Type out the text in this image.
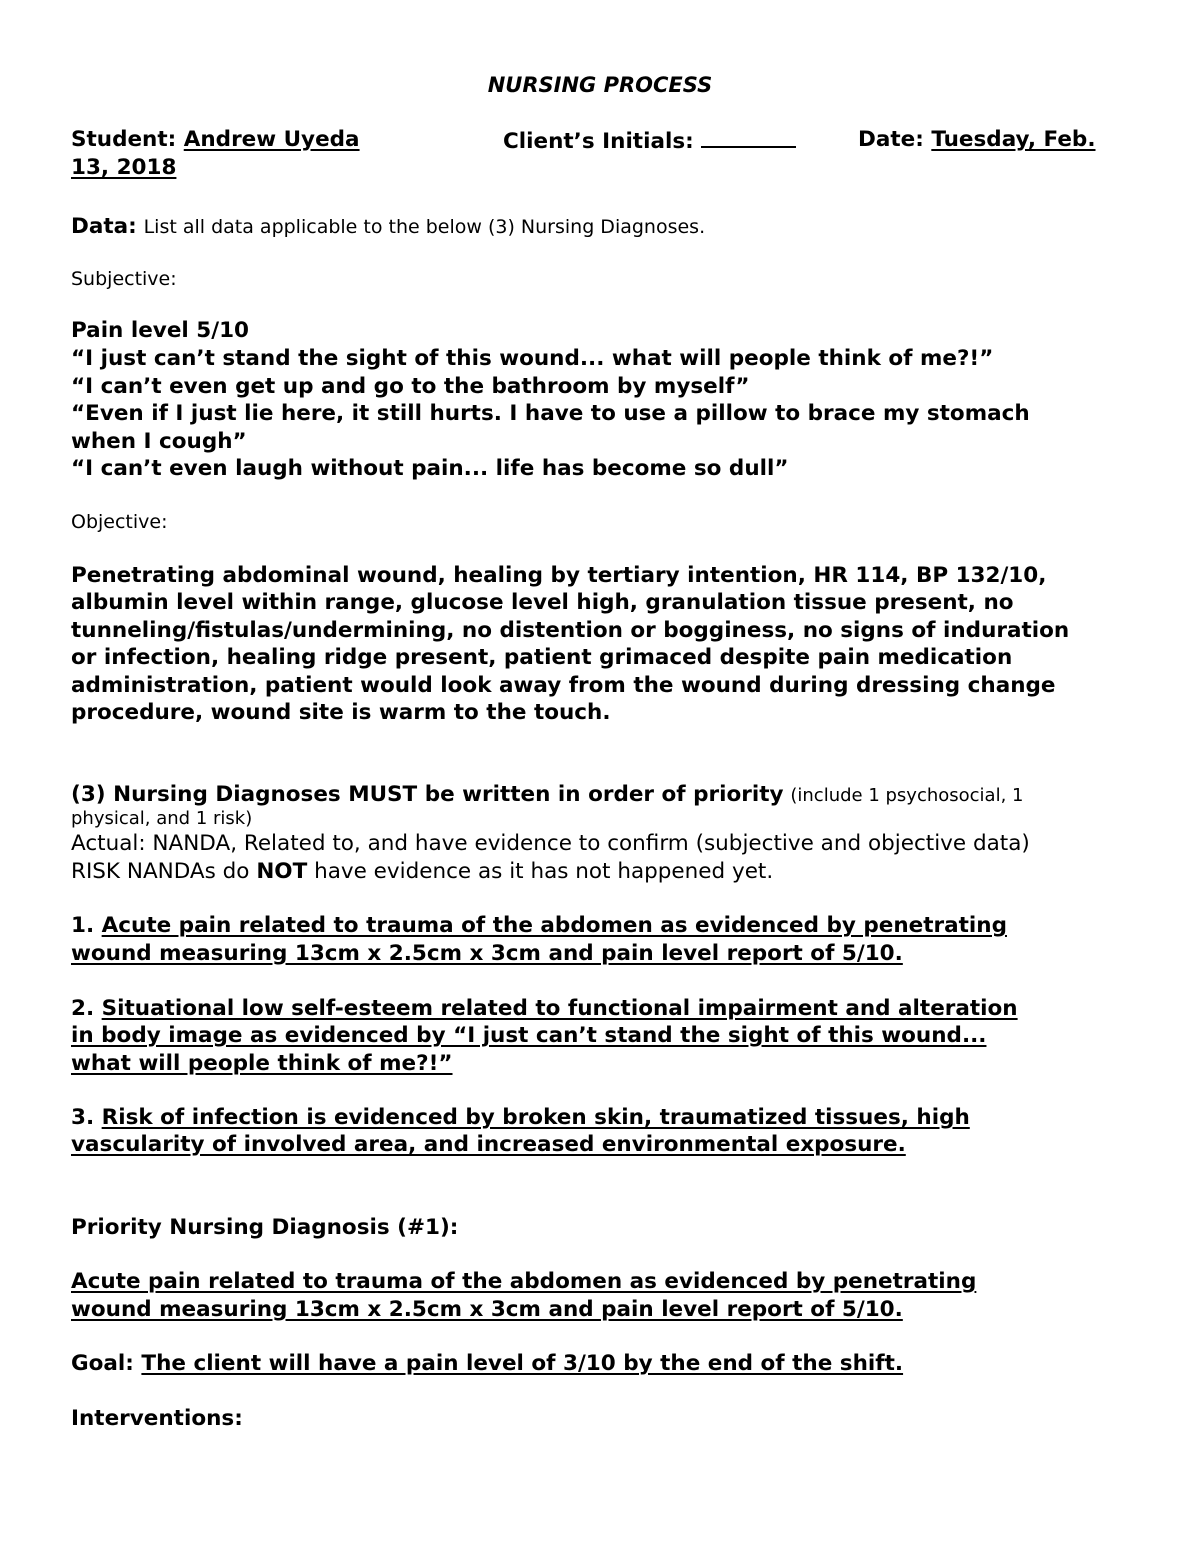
NURSING PROCESS
Student: Andrew Uyeda	Client’s Initials:	Date: Tuesday, Feb.
13, 2018
Data: List all data applicable to the below (3) Nursing Diagnoses.
Subjective:
Pain level 5/10
“I just can’t stand the sight of this wound... what will people think of me?!”
“I can’t even get up and go to the bathroom by myself”
“Even if I just lie here, it still hurts. I have to use a pillow to brace my stomach
when I cough”
“I can’t even laugh without pain... life has become so dull”
Objective:
Penetrating abdominal wound, healing by tertiary intention, HR 114, BP 132/10, albumin level within range, glucose level high, granulation tissue present, no tunneling/fistulas/undermining, no distention or bogginess, no signs of induration or infection, healing ridge present, patient grimaced despite pain medication administration, patient would look away from the wound during dressing change procedure, wound site is warm to the touch.
(3) Nursing Diagnoses MUST be written in order of priority (include 1 psychosocial, 1
physical, and 1 risk)
Actual: NANDA, Related to, and have evidence to confirm (subjective and objective data)
RISK NANDAs do NOT have evidence as it has not happened yet.
1. Acute pain related to trauma of the abdomen as evidenced by penetrating
wound measuring 13cm x 2.5cm x 3cm and pain level report of 5/10.
2. Situational low self-esteem related to functional impairment and alteration
in body image as evidenced by “I just can’t stand the sight of this wound...
what will people think of me?!”
3. Risk of infection is evidenced by broken skin, traumatized tissues, high
vascularity of involved area, and increased environmental exposure.
Priority Nursing Diagnosis (#1):
Acute pain related to trauma of the abdomen as evidenced by penetrating
wound measuring 13cm x 2.5cm x 3cm and pain level report of 5/10.
Goal: The client will have a pain level of 3/10 by the end of the shift.
Interventions:
